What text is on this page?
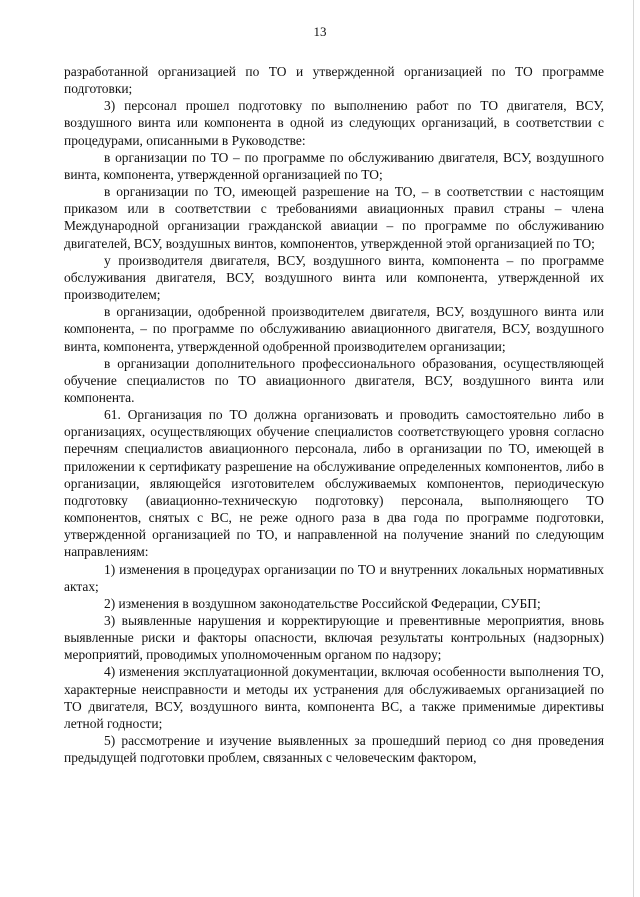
13

разработанной организацией по ТО и утвержденной организацией по ТО программе подготовки;

3) персонал прошел подготовку по выполнению работ по ТО двигателя, ВСУ, воздушного винта или компонента в одной из следующих организаций, в соответствии с процедурами, описанными в Руководстве:

в организации по ТО – по программе по обслуживанию двигателя, ВСУ, воздушного винта, компонента, утвержденной организацией по ТО;

в организации по ТО, имеющей разрешение на ТО, – в соответствии с настоящим приказом или в соответствии с требованиями авиационных правил страны – члена Международной организации гражданской авиации – по программе по обслуживанию двигателей, ВСУ, воздушных винтов, компонентов, утвержденной этой организацией по ТО;

у производителя двигателя, ВСУ, воздушного винта, компонента – по программе обслуживания двигателя, ВСУ, воздушного винта или компонента, утвержденной их производителем;

в организации, одобренной производителем двигателя, ВСУ, воздушного винта или компонента, – по программе по обслуживанию авиационного двигателя, ВСУ, воздушного винта, компонента, утвержденной одобренной производителем организации;

в организации дополнительного профессионального образования, осуществляющей обучение специалистов по ТО авиационного двигателя, ВСУ, воздушного винта или компонента.

61. Организация по ТО должна организовать и проводить самостоятельно либо в организациях, осуществляющих обучение специалистов соответствующего уровня согласно перечням специалистов авиационного персонала, либо в организации по ТО, имеющей в приложении к сертификату разрешение на обслуживание определенных компонентов, либо в организации, являющейся изготовителем обслуживаемых компонентов, периодическую подготовку (авиационно-техническую подготовку) персонала, выполняющего ТО компонентов, снятых с ВС, не реже одного раза в два года по программе подготовки, утвержденной организацией по ТО, и направленной на получение знаний по следующим направлениям:

1) изменения в процедурах организации по ТО и внутренних локальных нормативных актах;

2) изменения в воздушном законодательстве Российской Федерации, СУБП;

3) выявленные нарушения и корректирующие и превентивные мероприятия, вновь выявленные риски и факторы опасности, включая результаты контрольных (надзорных) мероприятий, проводимых уполномоченным органом по надзору;

4) изменения эксплуатационной документации, включая особенности выполнения ТО, характерные неисправности и методы их устранения для обслуживаемых организацией по ТО двигателя, ВСУ, воздушного винта, компонента ВС, а также применимые директивы летной годности;

5) рассмотрение и изучение выявленных за прошедший период со дня проведения предыдущей подготовки проблем, связанных с человеческим фактором,
